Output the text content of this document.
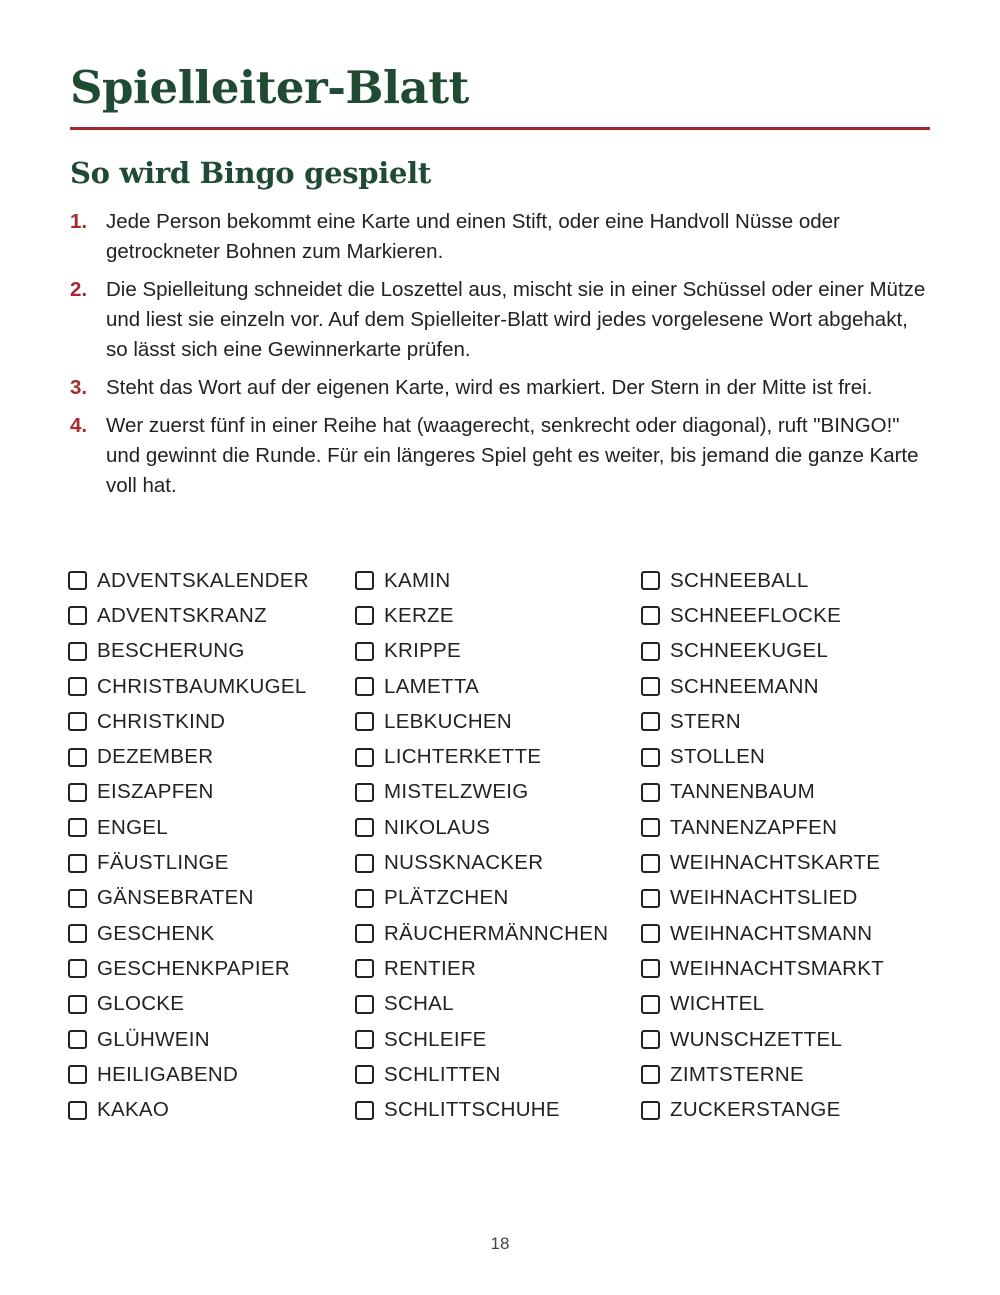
Spielleiter-Blatt
So wird Bingo gespielt
1. Jede Person bekommt eine Karte und einen Stift, oder eine Handvoll Nüsse oder getrockneter Bohnen zum Markieren.
2. Die Spielleitung schneidet die Loszettel aus, mischt sie in einer Schüssel oder einer Mütze und liest sie einzeln vor. Auf dem Spielleiter-Blatt wird jedes vorgelesene Wort abgehakt, so lässt sich eine Gewinnerkarte prüfen.
3. Steht das Wort auf der eigenen Karte, wird es markiert. Der Stern in der Mitte ist frei.
4. Wer zuerst fünf in einer Reihe hat (waagerecht, senkrecht oder diagonal), ruft "BINGO!" und gewinnt die Runde. Für ein längeres Spiel geht es weiter, bis jemand die ganze Karte voll hat.
ADVENTSKALENDER
ADVENTSKRANZ
BESCHERUNG
CHRISTBAUMKUGEL
CHRISTKIND
DEZEMBER
EISZAPFEN
ENGEL
FÄUSTLINGE
GÄNSEBRATEN
GESCHENK
GESCHENKPAPIER
GLOCKE
GLÜHWEIN
HEILIGABEND
KAKAO
KAMIN
KERZE
KRIPPE
LAMETTA
LEBKUCHEN
LICHTERKETTE
MISTELZWEIG
NIKOLAUS
NUSSKNACKER
PLÄTZCHEN
RÄUCHERMÄNNCHEN
RENTIER
SCHAL
SCHLEIFE
SCHLITTEN
SCHLITTSCHUHE
SCHNEEBALL
SCHNEEFLOCKE
SCHNEEKUGEL
SCHNEEMANN
STERN
STOLLEN
TANNENBAUM
TANNENZAPFEN
WEIHNACHTSKARTE
WEIHNACHTSLIED
WEIHNACHTSMANN
WEIHNACHTSMARKT
WICHTEL
WUNSCHZETTEL
ZIMTSTERNE
ZUCKERSTANGE
18
